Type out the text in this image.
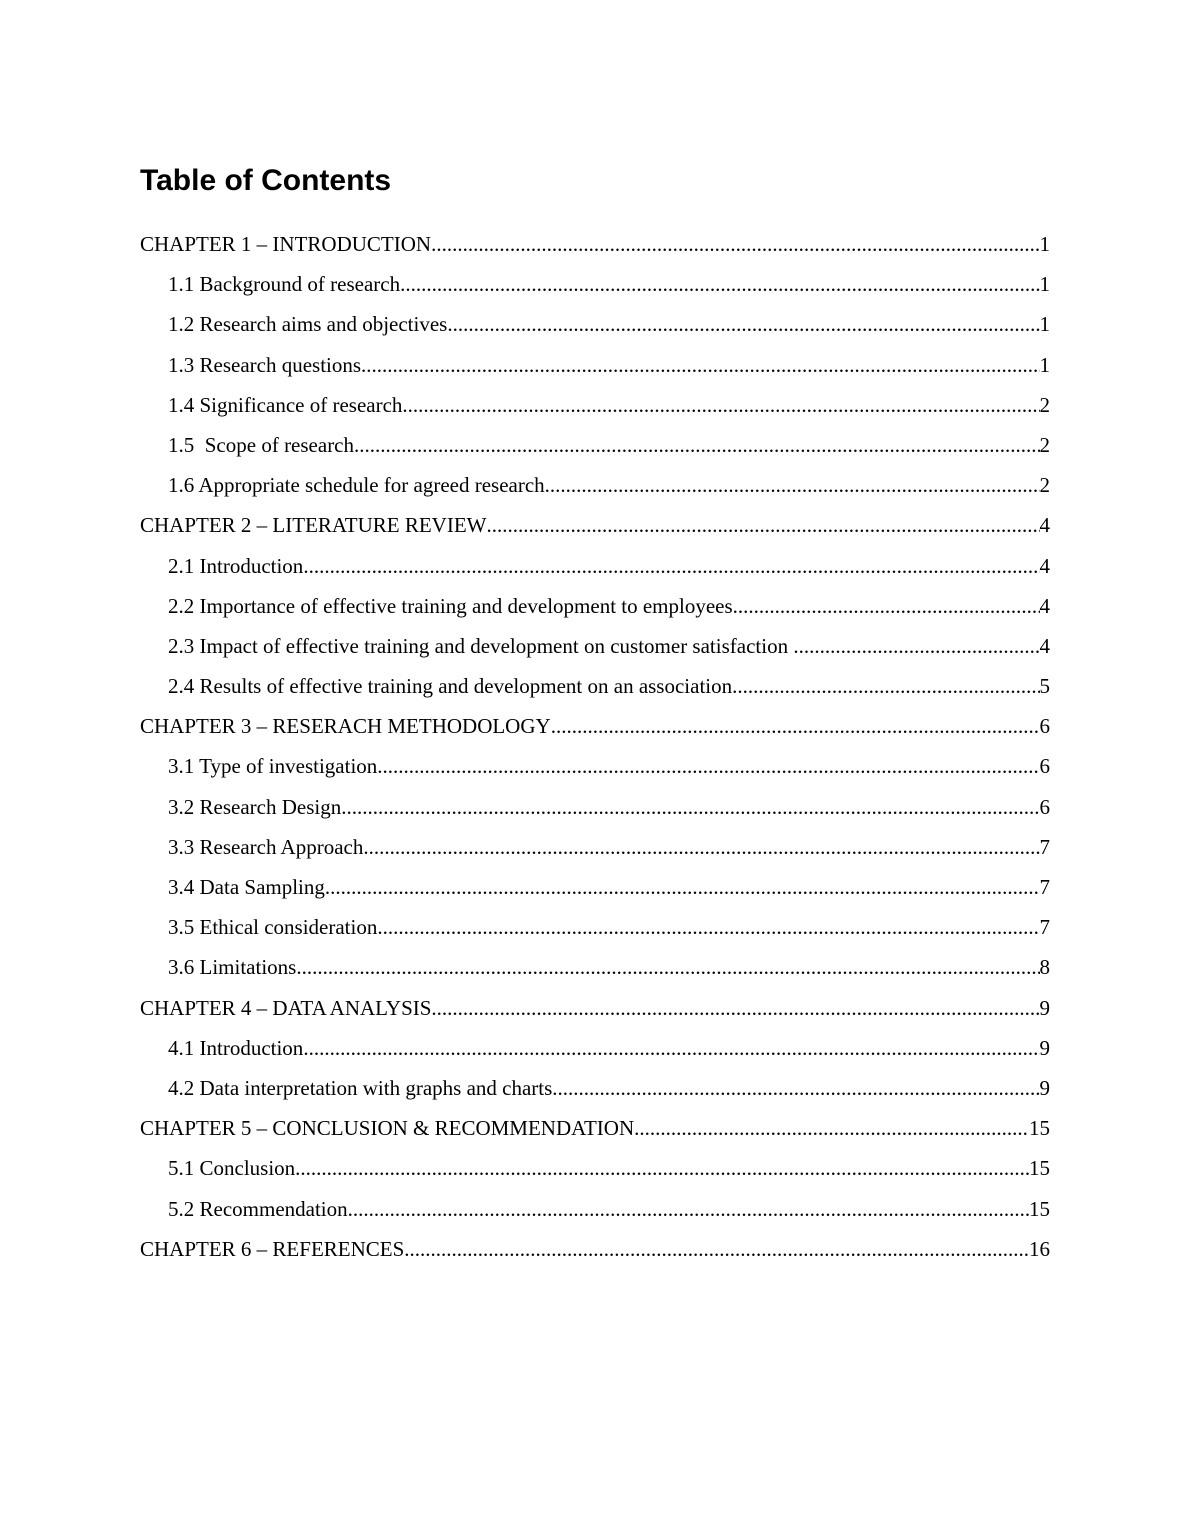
Table of Contents
CHAPTER 1 – INTRODUCTION .....	1
1.1 Background of research .....	1
1.2 Research aims and objectives .....	1
1.3 Research questions .....	1
1.4 Significance of research .....	2
1.5  Scope of research .....	2
1.6 Appropriate schedule for agreed research .....	2
CHAPTER 2 – LITERATURE REVIEW .....	4
2.1 Introduction .....	4
2.2 Importance of effective training and development to employees .....	4
2.3 Impact of effective training and development on customer satisfaction .....	4
2.4 Results of effective training and development on an association .....	5
CHAPTER 3 – RESERACH METHODOLOGY .....	6
3.1 Type of investigation .....	6
3.2 Research Design .....	6
3.3 Research Approach .....	7
3.4 Data Sampling .....	7
3.5 Ethical consideration .....	7
3.6 Limitations .....	8
CHAPTER 4 – DATA ANALYSIS .....	9
4.1 Introduction .....	9
4.2 Data interpretation with graphs and charts .....	9
CHAPTER 5 – CONCLUSION & RECOMMENDATION .....	15
5.1 Conclusion .....	15
5.2 Recommendation .....	15
CHAPTER 6 – REFERENCES .....	16
